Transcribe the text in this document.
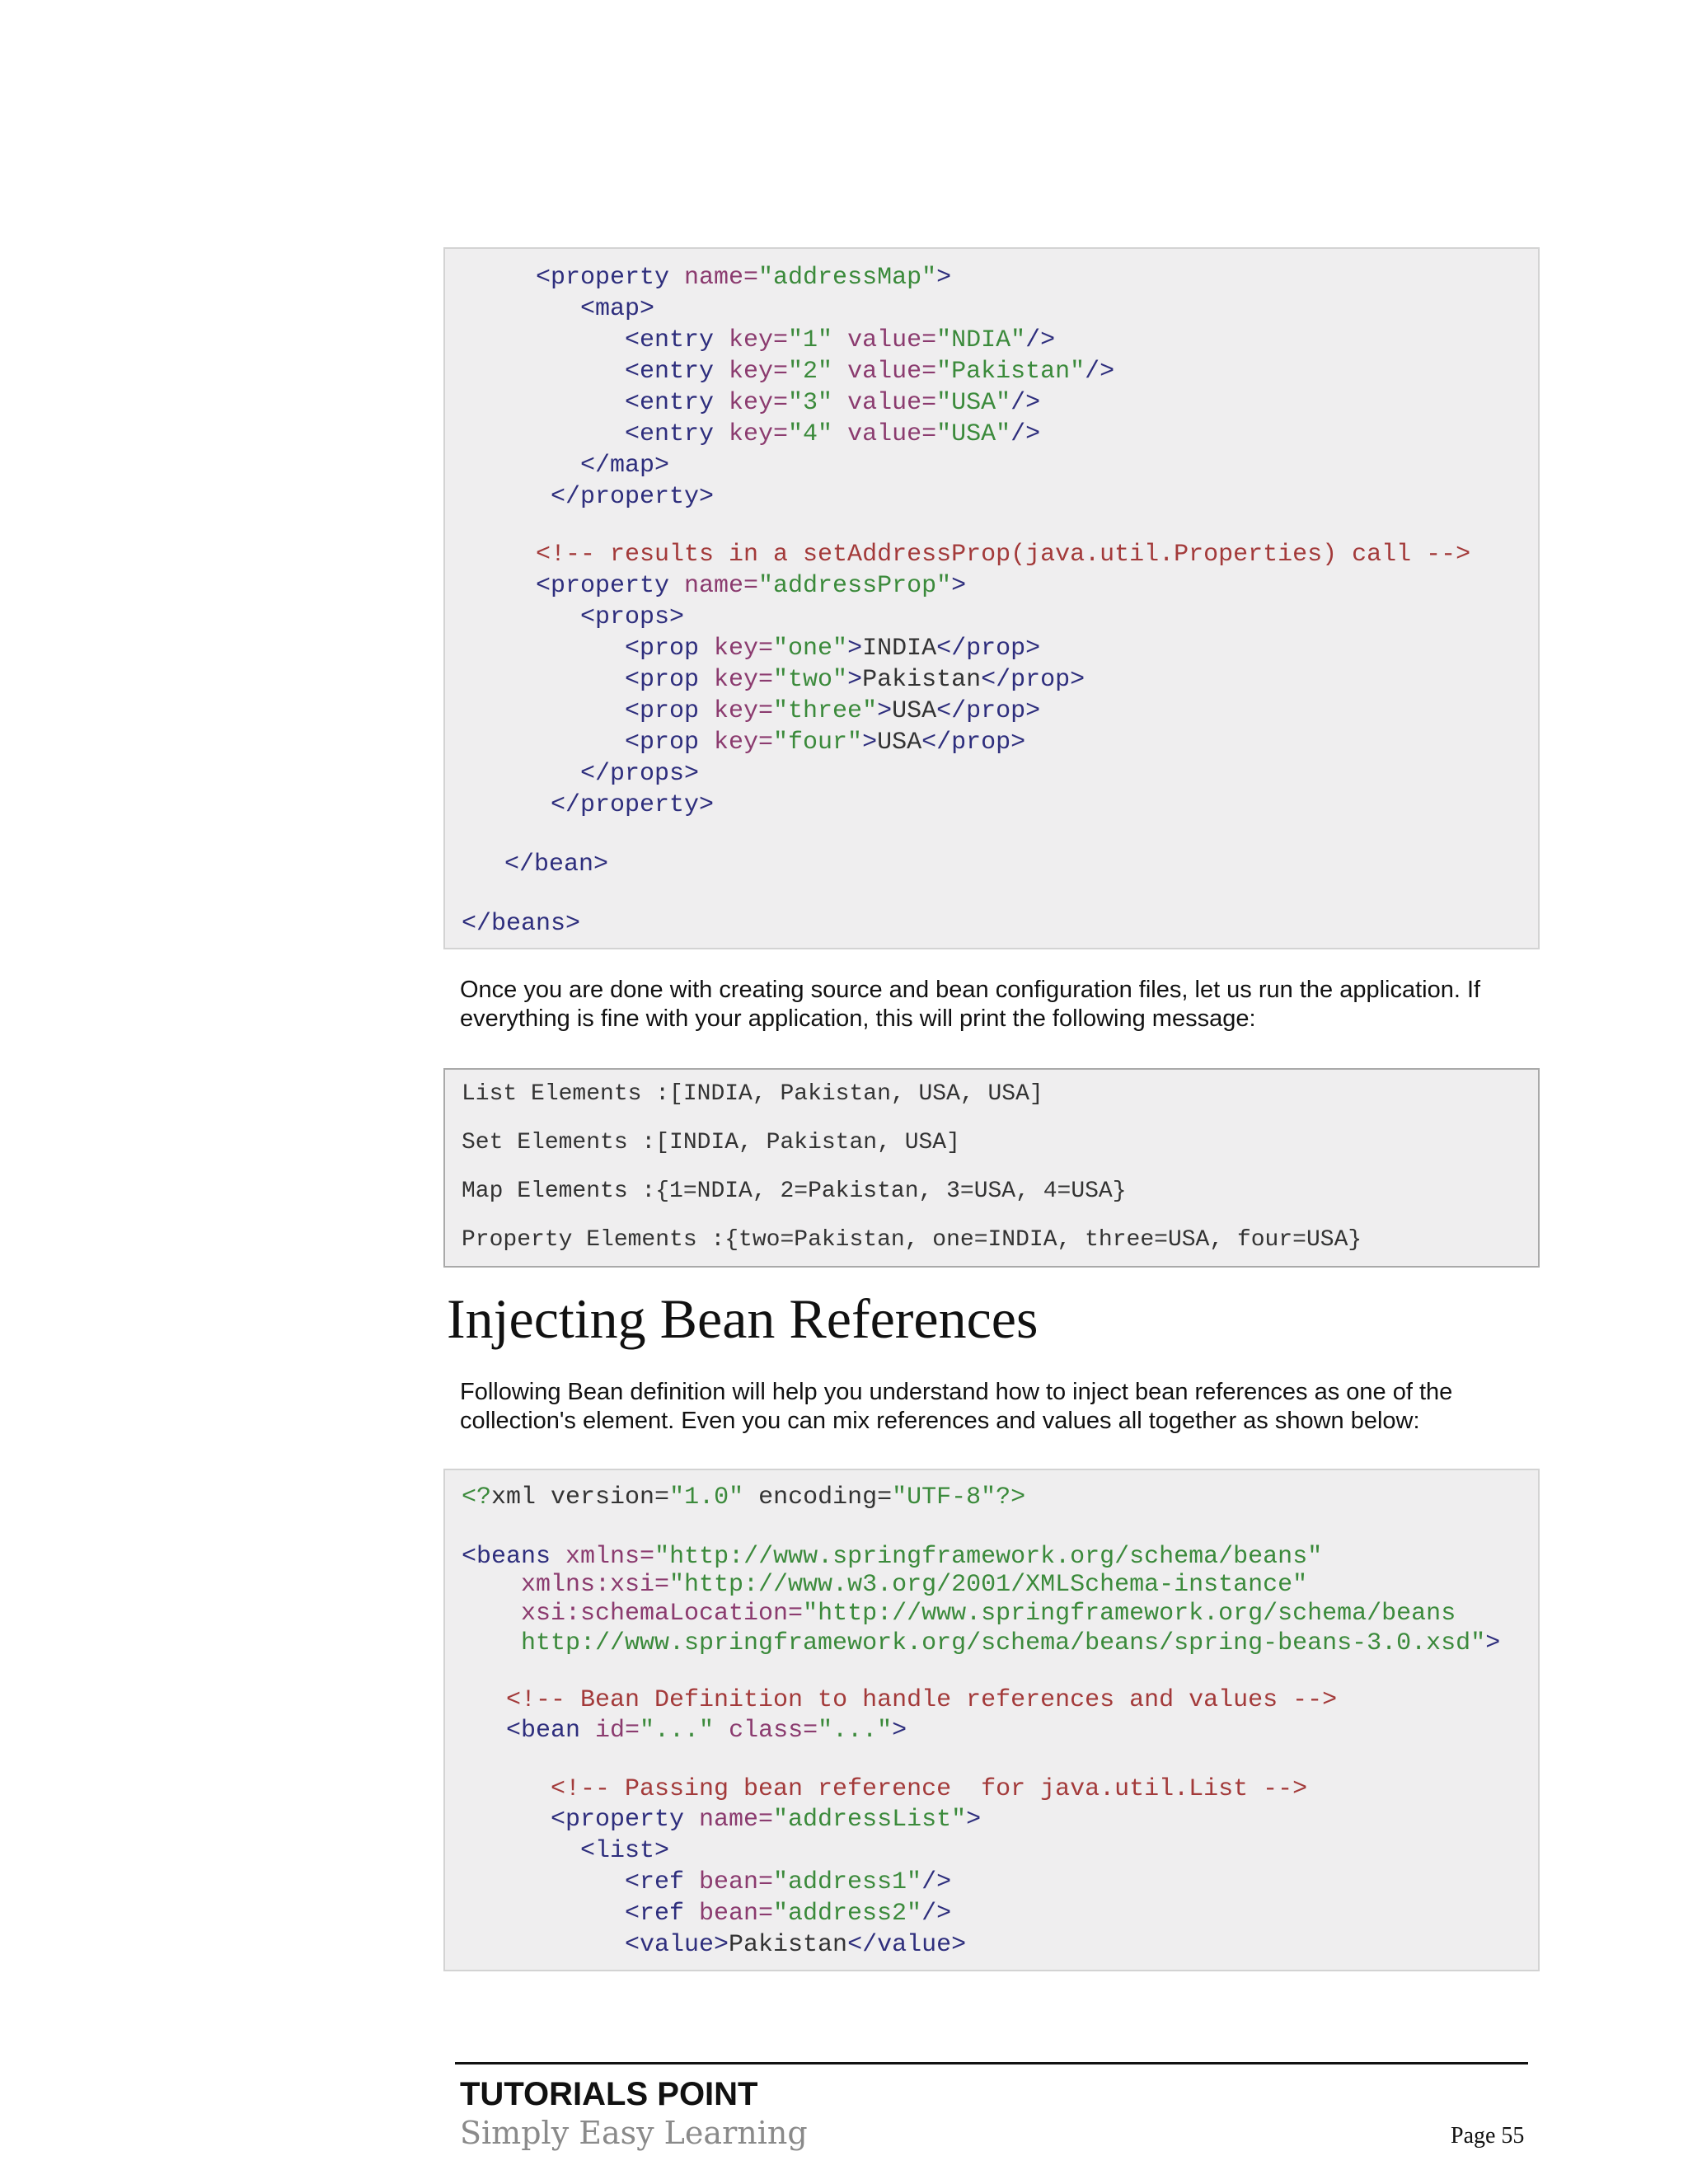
<property name="addressMap">
<map>
<entry key="1" value="NDIA"/>
<entry key="2" value="Pakistan"/>
<entry key="3" value="USA"/>
<entry key="4" value="USA"/>
</map>
</property>
<!-- results in a setAddressProp(java.util.Properties) call -->
<property name="addressProp">
<props>
<prop key="one">INDIA</prop>
<prop key="two">Pakistan</prop>
<prop key="three">USA</prop>
<prop key="four">USA</prop>
</props>
</property>
</bean>
</beans>

Once you are done with creating source and bean configuration files, let us run the application. If
everything is fine with your application, this will print the following message:

List Elements :[INDIA, Pakistan, USA, USA]
Set Elements :[INDIA, Pakistan, USA]
Map Elements :{1=NDIA, 2=Pakistan, 3=USA, 4=USA}
Property Elements :{two=Pakistan, one=INDIA, three=USA, four=USA}
Injecting Bean References

Following Bean definition will help you understand how to inject bean references as one of the
collection's element. Even you can mix references and values all together as shown below:

<?xml version="1.0" encoding="UTF-8"?>
<beans xmlns="http://www.springframework.org/schema/beans"
xmlns:xsi="http://www.w3.org/2001/XMLSchema-instance"
xsi:schemaLocation="http://www.springframework.org/schema/beans
http://www.springframework.org/schema/beans/spring-beans-3.0.xsd">
<!-- Bean Definition to handle references and values -->
<bean id="..." class="...">
<!-- Passing bean reference  for java.util.List -->
<property name="addressList">
<list>
<ref bean="address1"/>
<ref bean="address2"/>
<value>Pakistan</value>
TUTORIALS POINT
Simply Easy Learning	Page 55
